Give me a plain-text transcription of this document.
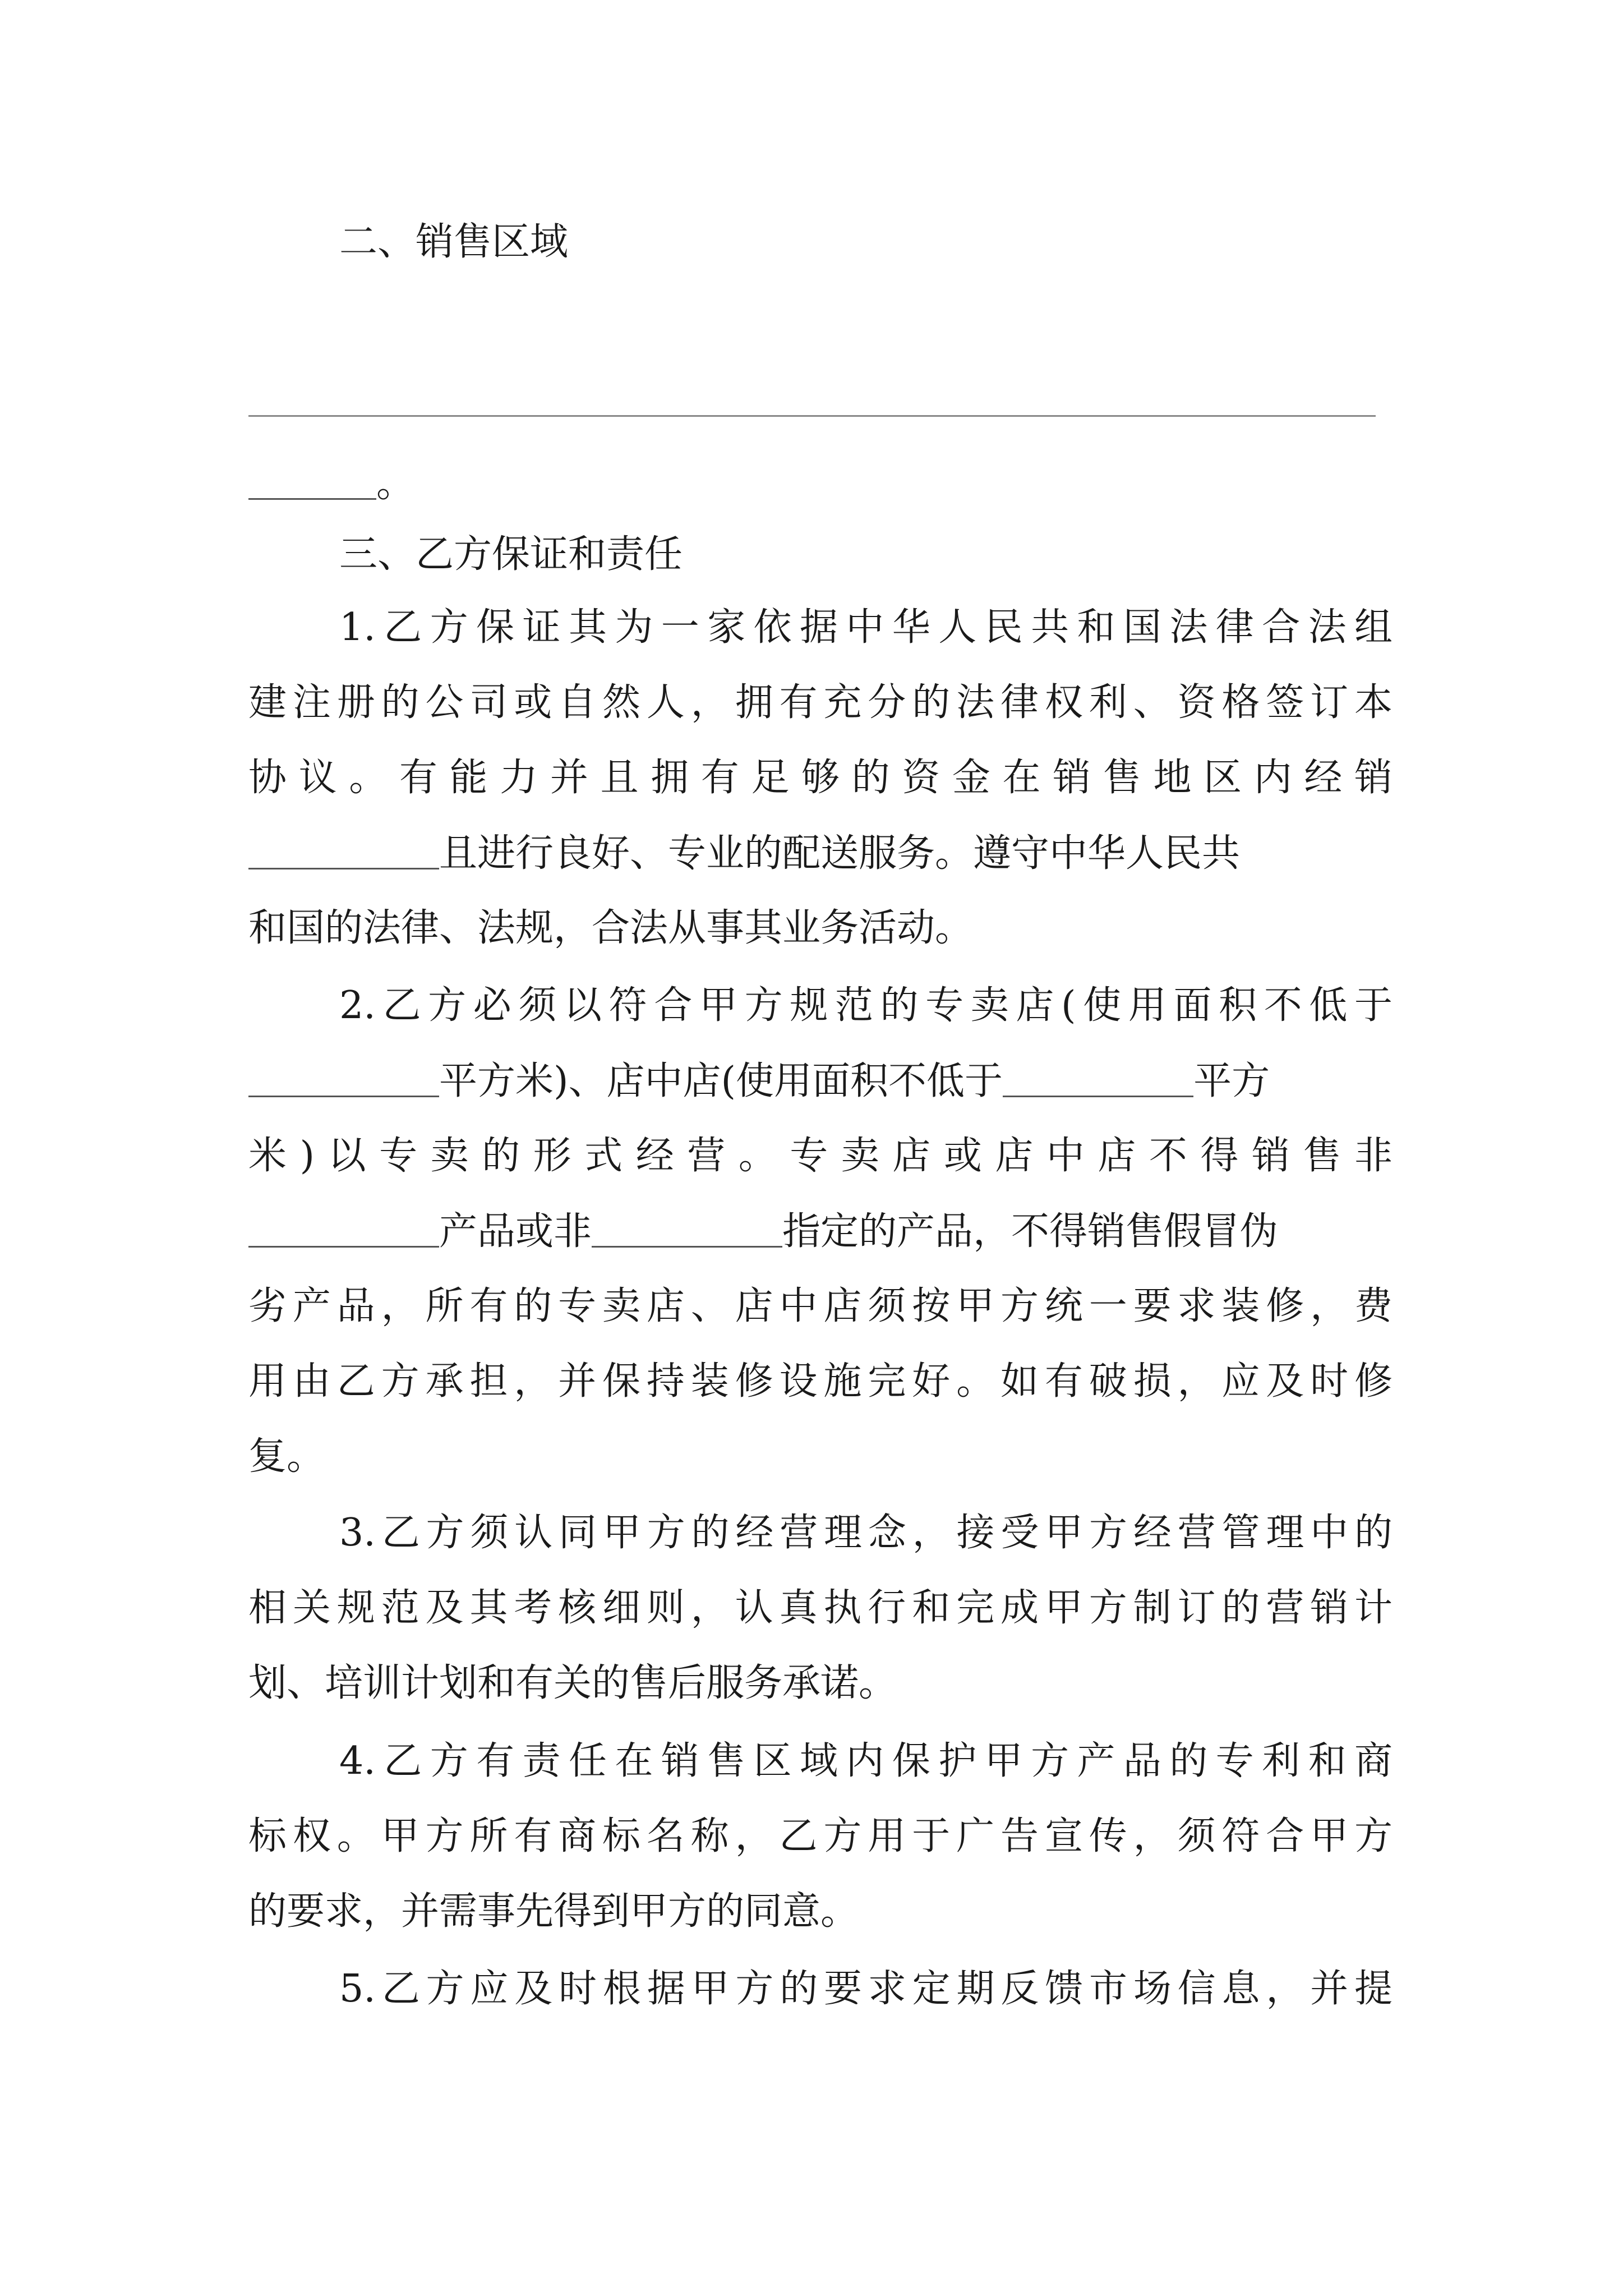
二、销售区域
。
三、乙方保证和责任
1.乙方保证其为一家依据中华人民共和国法律合法组
建注册的公司或自然人，拥有充分的法律权利、资格签订本
协议。有能力并且拥有足够的资金在销售地区内经销
且进行良好、专业的配送服务。遵守中华人民共
和国的法律、法规，合法从事其业务活动。
2.乙方必须以符合甲方规范的专卖店(使用面积不低于
平方米)、店中店(使用面积不低于	平方
米)以专卖的形式经营。专卖店或店中店不得销售非
产品或非	指定的产品，不得销售假冒伪
劣产品，所有的专卖店、店中店须按甲方统一要求装修，费
用由乙方承担，并保持装修设施完好。如有破损，应及时修
复。
3.乙方须认同甲方的经营理念，接受甲方经营管理中的
相关规范及其考核细则，认真执行和完成甲方制订的营销计
划、培训计划和有关的售后服务承诺。
4.乙方有责任在销售区域内保护甲方产品的专利和商
标权。甲方所有商标名称，乙方用于广告宣传，须符合甲方
的要求，并需事先得到甲方的同意。
5.乙方应及时根据甲方的要求定期反馈市场信息，并提
